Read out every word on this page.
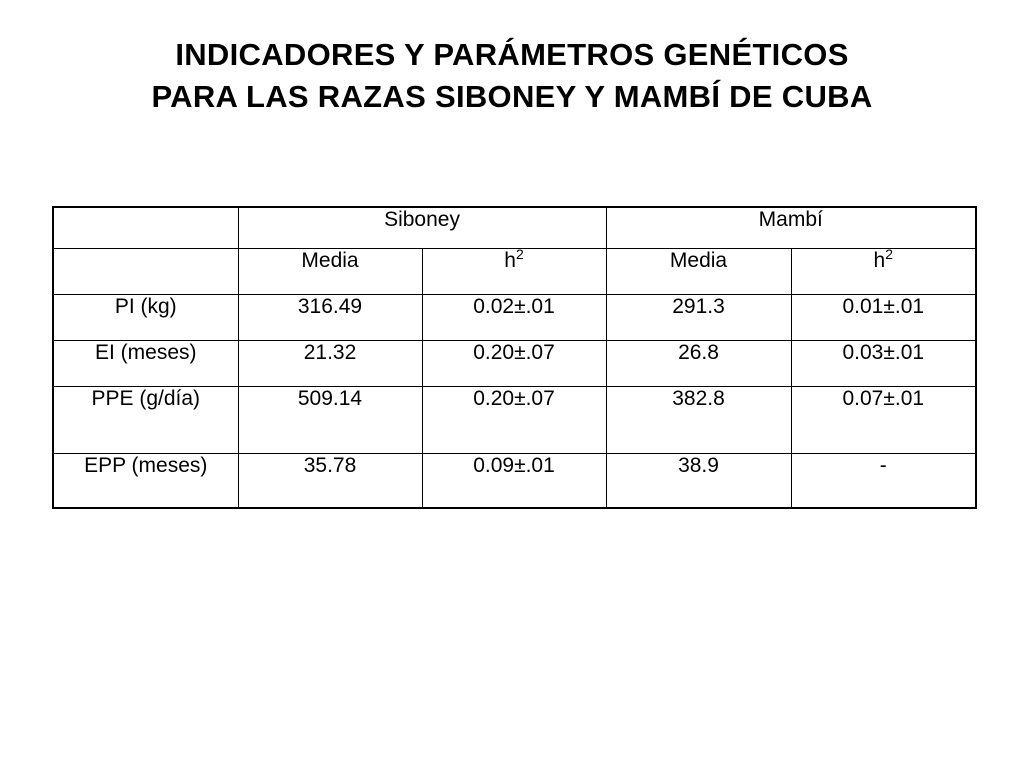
INDICADORES Y PARÁMETROS GENÉTICOS
PARA LAS RAZAS SIBONEY Y MAMBÍ DE CUBA
	Siboney		Mambí	
	Media	$h^2$	Media	$h^2$
PI (kg)	316.49	0.02±.01	291.3	0.01±.01
EI (meses)	21.32	0.20±.07	26.8	0.03±.01
PPE (g/día)	509.14	0.20±.07	382.8	0.07±.01
EPP (meses)	35.78	0.09±.01	38.9	-
